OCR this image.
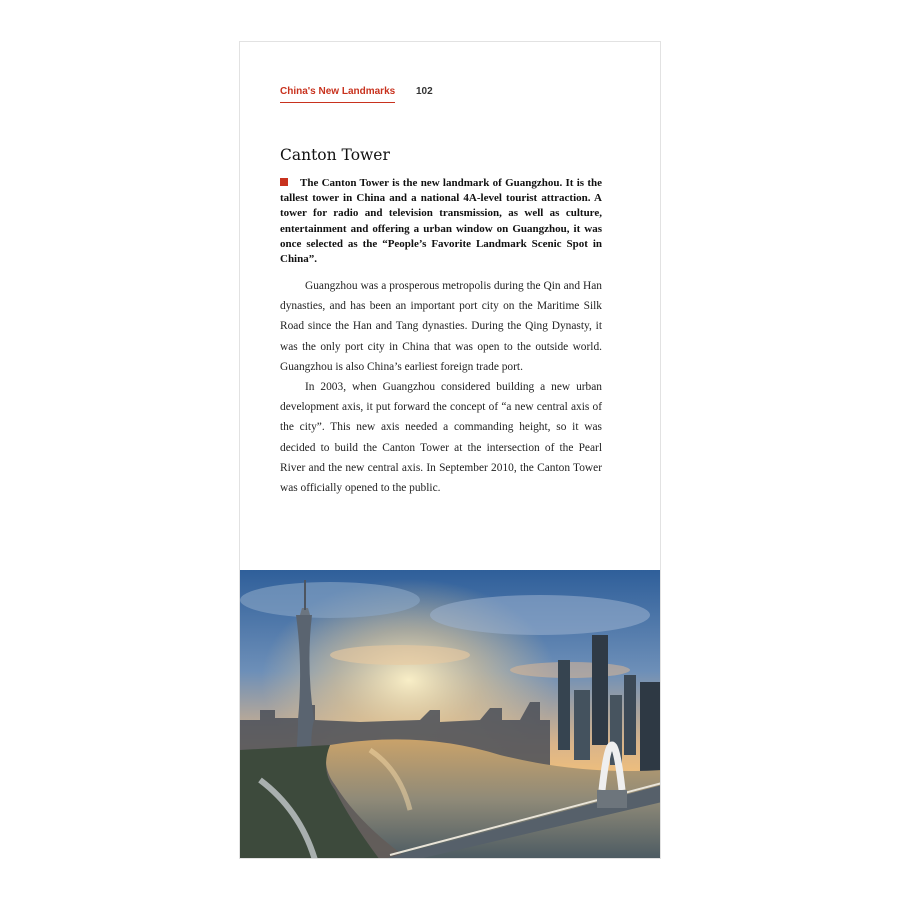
China's New Landmarks 102
Canton Tower

The Canton Tower is the new landmark of Guangzhou. It is the tallest tower in China and a national 4A-level tourist attraction. A tower for radio and television transmission, as well as culture, entertainment and offering a urban window on Guangzhou, it was once selected as the “People’s Favorite Landmark Scenic Spot in China”.

Guangzhou was a prosperous metropolis during the Qin and Han dynasties, and has been an important port city on the Maritime Silk Road since the Han and Tang dynasties. During the Qing Dynasty, it was the only port city in China that was open to the outside world. Guangzhou is also China’s earliest foreign trade port.

In 2003, when Guangzhou considered building a new urban development axis, it put forward the concept of “a new central axis of the city”. This new axis needed a commanding height, so it was decided to build the Canton Tower at the intersection of the Pearl River and the new central axis. In September 2010, the Canton Tower was officially opened to the public.
